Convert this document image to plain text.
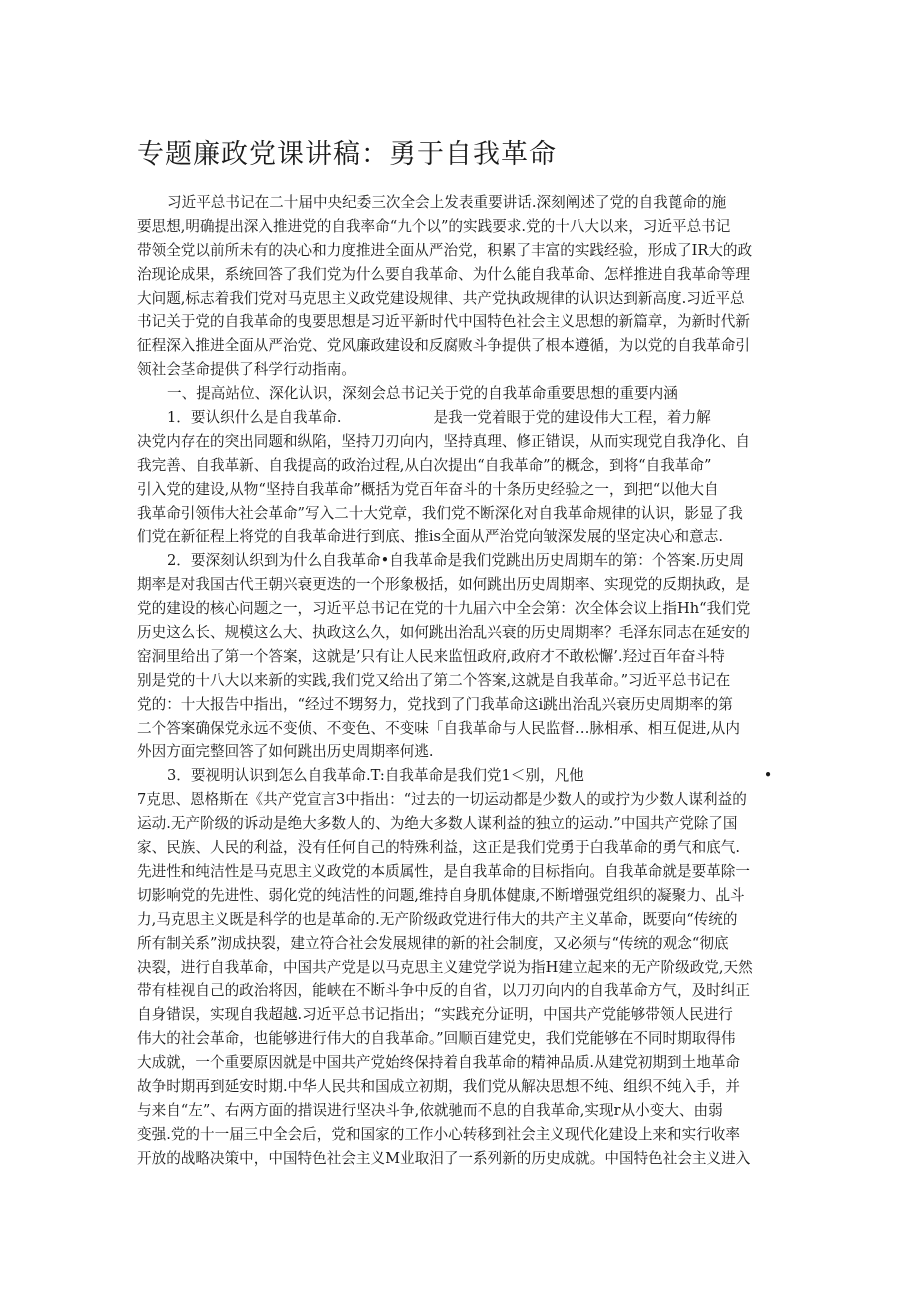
专题廉政党课讲稿：勇于自我革命
习近平总书记在二十届中央纪委三次全会上发表重要讲话.深刻阐述了党的自我蓖命的施
要思想,明确提出深入推进党的自我率命“九个以”的实践要求.党的十八大以来，习近平总书记
带领全党以前所未有的决心和力度推进全面从严治党，积累了丰富的实践经验，形成了IR大的政
治现论成果，系统回答了我们党为什么要自我革命、为什么能自我革命、怎样推进自我革命等理
大问题,标志着我们党对马克思主义政党建设规律、共产党执政规律的认识达到新高度.习近平总
书记关于党的自我革命的曳要思想是习近平新时代中国特色社会主义思想的新篇章，为新时代新
征程深入推进全面从严治党、党风廉政建设和反腐败斗争提供了根本遵循，为以党的自我革命引
领社会茎命提供了科学行动指南。
一、提高站位、深化认识，深刻会总书记关于党的自我革命重要思想的重要内涵
1．要认织什么是自我革命.	是我一党着眼于党的建设伟大工程，着力解
决党内存在的突出同题和纵陷，坚持刀刃向内，坚持真理、修正错误，从而实现党自我净化、自
我完善、自我革新、自我提高的政治过程,从白次提出“自我革命”的概念，到将“自我革命”
引入党的建设,从物“坚持自我革命”概括为党百年奋斗的十条历史经验之一，到把“以他大自
我革命引领伟大社会革命”写入二十大党章，我们党不断深化对自我革命规律的认识，影显了我
们党在新征程上将党的自我革命进行到底、推is全面从严治党向皱深发展的坚定决心和意志.
2．要深刻认织到为什么自我革命•自我革命是我们党跳出历史周期车的第：个答案.历史周
期率是对我国古代王朝兴衰更迭的一个形象极括，如何跳出历史周期率、实现党的反期执政，是
党的建设的核心问题之一，习近平总书记在党的十九届六中全会第：次全体会议上指Hh“我们党
历史这么长、规模这么大、执政这么久，如何跳出治乱兴衰的历史周期率？毛泽东同志在延安的
窑洞里给出了第一个答案，这就是’只有让人民来监忸政府,政府才不敢松懈’.羟过百年奋斗特
别是党的十八大以来新的实践,我们党又给出了第二个答案,这就是自我革命。”习近平总书记在
党的：十大报告中指出，“经过不甥努力，党找到了门我革命这i跳出治乱兴衰历史周期率的第
二个答案确保党永远不变侦、不变色、不变味「自我革命与人民监督…脉相承、相互促进,从内
外因方面完整回答了如何跳出历史周期率何逃.
3．要视明认识到怎么自我革命.T:自我革命是我们党1＜别，凡他	•
7克思、恩格斯在《共产党宣言3中指出：“过去的一切运动都是少数人的或拧为少数人谋利益的
运动.无产阶级的诉动是绝大多数人的、为绝大多数人谋利益的独立的运动.”中国共产党除了国
家、民族、人民的利益，没有任何自己的特殊利益，这正是我们党勇于白我革命的勇气和底气.
先进性和纯洁性是马克思主义政党的本质属性，是自我革命的目标指向。自我革命就是要革除一
切影响党的先进性、弱化党的纯洁性的问题,维持自身肌体健康,不断增强党组织的凝聚力、乩斗
力,马克思主义既是科学的也是革命的.无产阶级政党进行伟大的共产主义革命，既要向“传统的
所有制关系”沏成抉裂，建立符合社会发展规律的新的社会制度，又必须与“传统的观念“彻底
决裂，进行自我革命，中国共产党是以马克思主义建党学说为指H建立起来的无产阶级政党,天然
带有桂视自己的政治将因，能峡在不断斗争中反的自省，以刀刃向内的自我革命方气，及时纠正
自身错误，实现自我超越.习近平总书记指出；“实践充分证明，中国共产党能够带领人民进行
伟大的社会革命，也能够进行伟大的自我革命。”回顺百建党史，我们党能够在不同时期取得伟
大成就，一个重要原因就是中国共产党始终保持着自我革命的精神品质.从建党初期到土地革命
故争时期再到延安时期.中华人民共和国成立初期，我们党从解决思想不纯、组织不纯入手，并
与来自“左”、右两方面的措误进行坚决斗争,依就驰而不息的自我革命,实现r从小变大、由弱
变强.党的十一届三中全会后，党和国家的工作小心转移到社会主义现代化建设上来和实行收率
开放的战略决策中，中国特色社会主义M业取汨了一系列新的历史成就。中国特色社会主义进入
